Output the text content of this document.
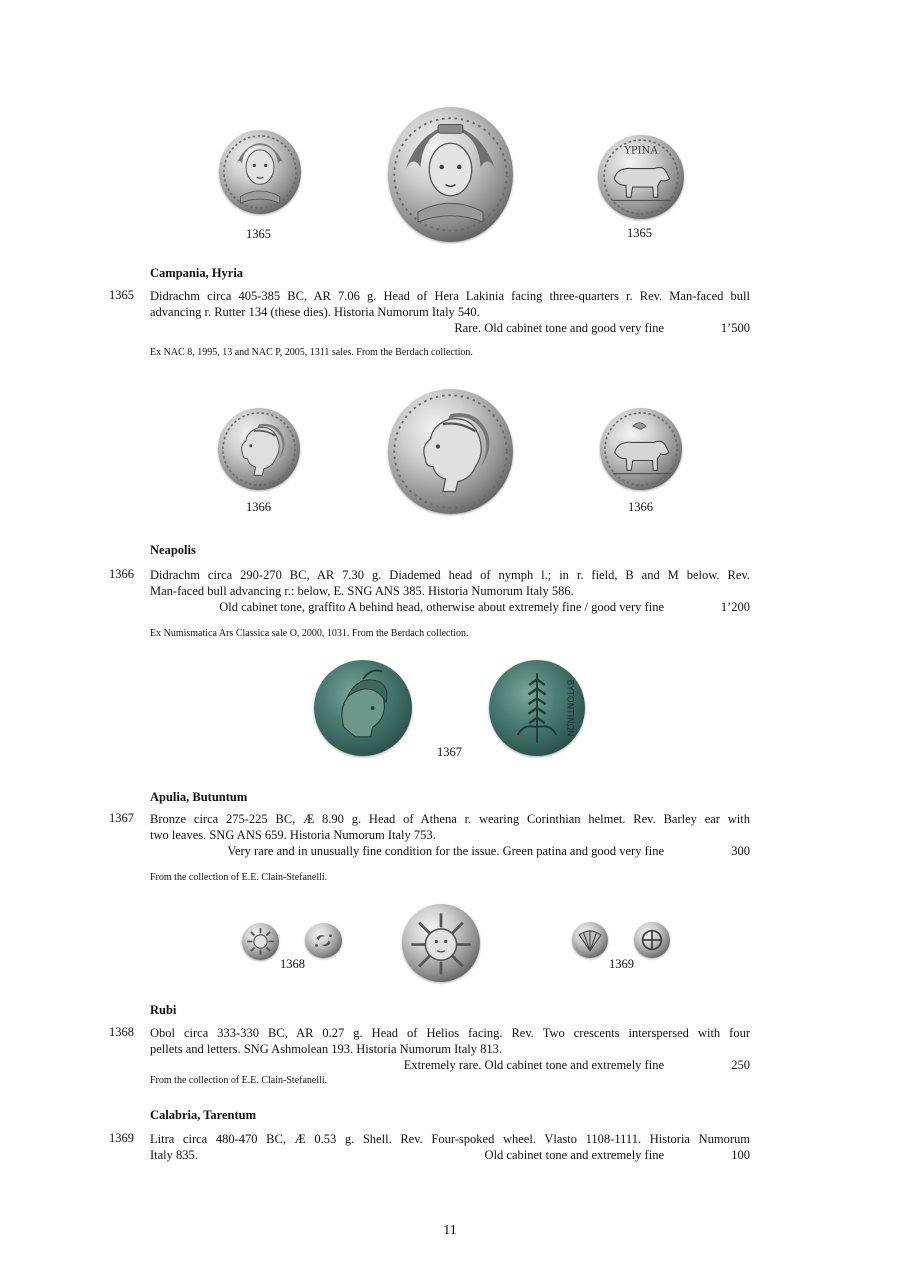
ΥΡΙΝΑ
1365	1365
Campania, Hyria
1365 Didrachm circa 405-385 BC, AR 7.06 g. Head of Hera Lakinia facing three-quarters r. Rev. Man-faced bull
advancing r. Rutter 134 (these dies). Historia Numorum Italy 540.
Rare. Old cabinet tone and good very fine	1’500
Ex NAC 8, 1995, 13 and NAC P, 2005, 1311 sales. From the Berdach collection.
1366	1366
Neapolis
1366 Didrachm circa 290-270 BC, AR 7.30 g. Diademed head of nymph l.; in r. field, B and M below. Rev.
Man-faced bull advancing r.: below, E. SNG ANS 385. Historia Numorum Italy 586.
Old cabinet tone, graffito A behind head, otherwise about extremely fine / good very fine	1’200
Ex Numismatica Ars Classica sale O, 2000, 1031. From the Berdach collection.
ΒΥΤΟΝΤΙΝΩΝ
1367
Apulia, Butuntum
1367 Bronze circa 275-225 BC, Æ 8.90 g. Head of Athena r. wearing Corinthian helmet. Rev. Barley ear with
two leaves. SNG ANS 659. Historia Numorum Italy 753.
Very rare and in unusually fine condition for the issue. Green patina and good very fine	300
From the collection of E.E. Clain-Stefanelli.
1368	1369
Rubi
1368 Obol circa 333-330 BC, AR 0.27 g. Head of Helios facing. Rev. Two crescents interspersed with four
pellets and letters. SNG Ashmolean 193. Historia Numorum Italy 813.
Extremely rare. Old cabinet tone and extremely fine	250
From the collection of E.E. Clain-Stefanelli.
Calabria, Tarentum
1369 Litra circa 480-470 BC, Æ 0.53 g. Shell. Rev. Four-spoked wheel. Vlasto 1108-1111. Historia Numorum
Italy 835.	Old cabinet tone and extremely fine	100
11
